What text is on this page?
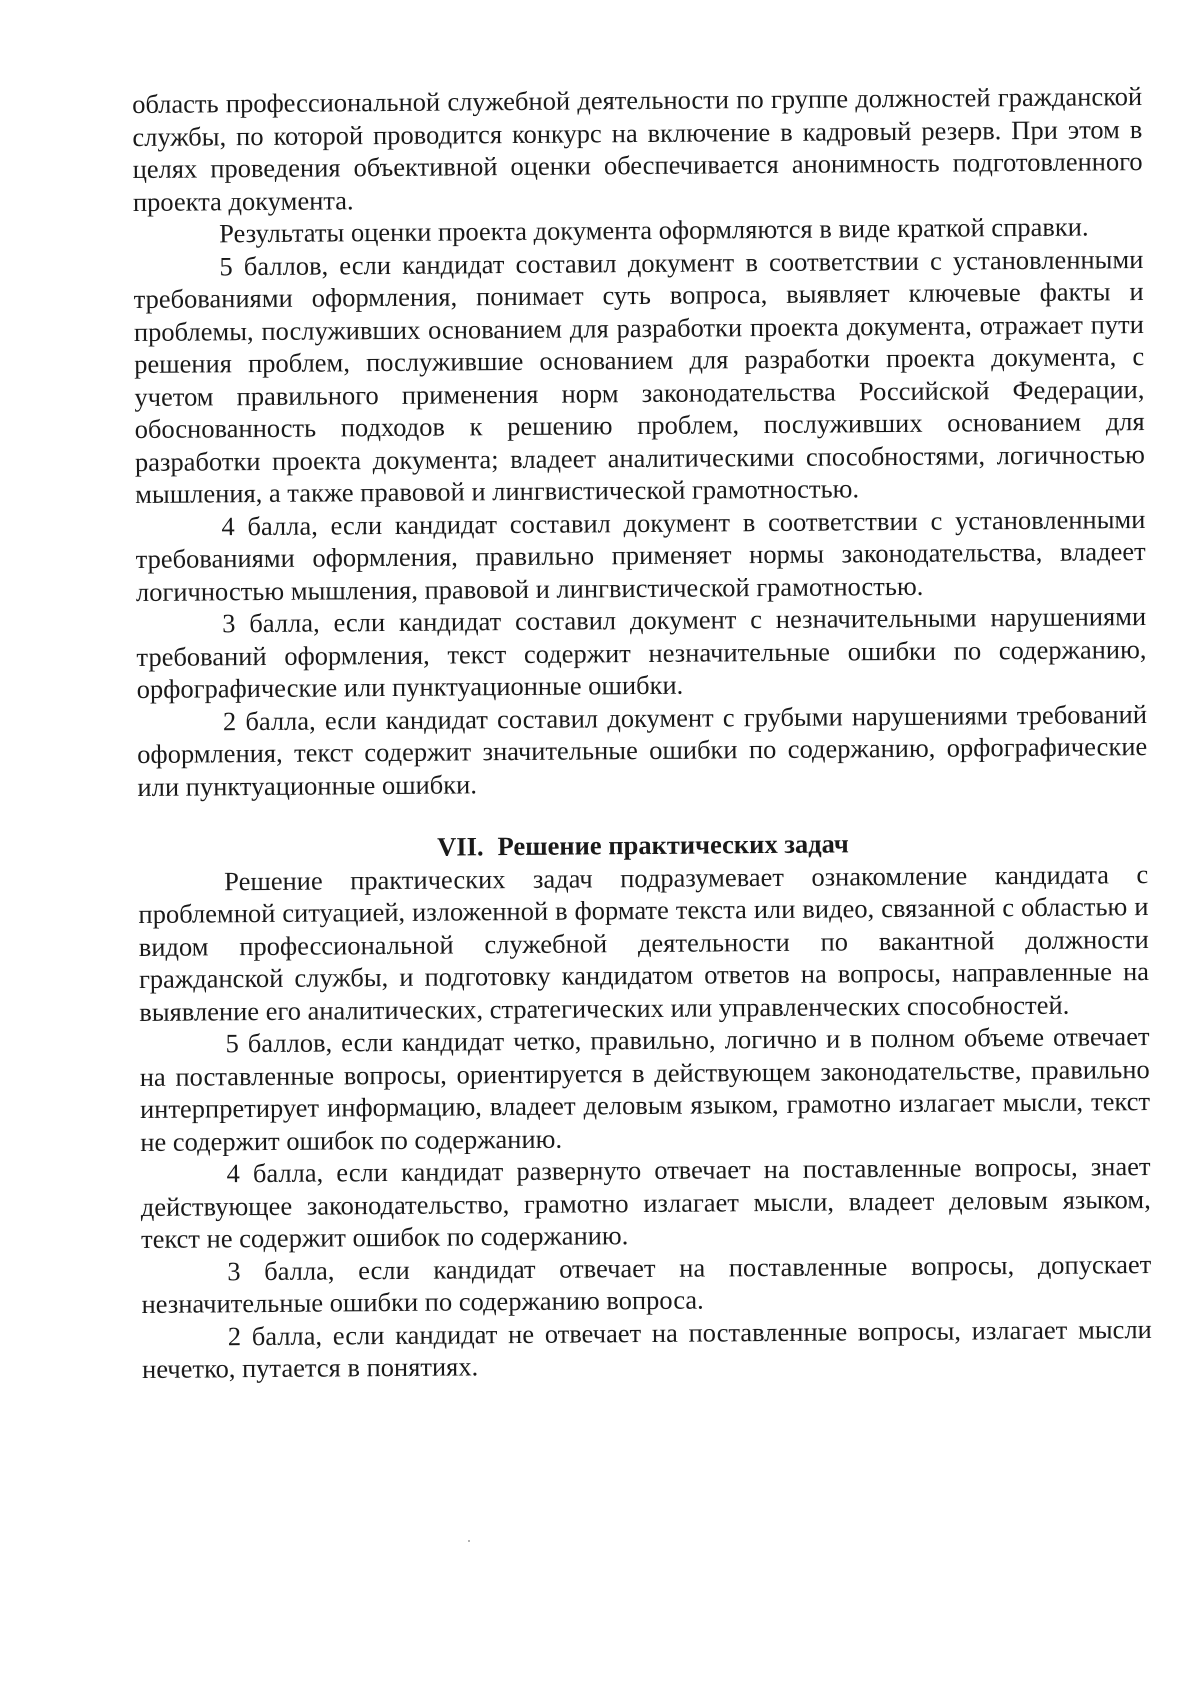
область профессиональной служебной деятельности по группе должностей гражданской службы, по которой проводится конкурс на включение в кадровый резерв. При этом в целях проведения объективной оценки обеспечивается анонимность подготовленного проекта документа.

Результаты оценки проекта документа оформляются в виде краткой справки.

5 баллов, если кандидат составил документ в соответствии с установленными требованиями оформления, понимает суть вопроса, выявляет ключевые факты и проблемы, послуживших основанием для разработки проекта документа, отражает пути решения проблем, послужившие основанием для разработки проекта документа, с учетом правильного применения норм законодательства Российской Федерации, обоснованность подходов к решению проблем, послуживших основанием для разработки проекта документа; владеет аналитическими способностями, логичностью мышления, а также правовой и лингвистической грамотностью.

4 балла, если кандидат составил документ в соответствии с установленными требованиями оформления, правильно применяет нормы законодательства, владеет логичностью мышления, правовой и лингвистической грамотностью.

3 балла, если кандидат составил документ с незначительными нарушениями требований оформления, текст содержит незначительные ошибки по содержанию, орфографические или пунктуационные ошибки.

2 балла, если кандидат составил документ с грубыми нарушениями требований оформления, текст содержит значительные ошибки по содержанию, орфографические или пунктуационные ошибки.

VII. Решение практических задач

Решение практических задач подразумевает ознакомление кандидата с проблемной ситуацией, изложенной в формате текста или видео, связанной с областью и видом профессиональной служебной деятельности по вакантной должности гражданской службы, и подготовку кандидатом ответов на вопросы, направленные на выявление его аналитических, стратегических или управленческих способностей.

5 баллов, если кандидат четко, правильно, логично и в полном объеме отвечает на поставленные вопросы, ориентируется в действующем законодательстве, правильно интерпретирует информацию, владеет деловым языком, грамотно излагает мысли, текст не содержит ошибок по содержанию.

4 балла, если кандидат развернуто отвечает на поставленные вопросы, знает действующее законодательство, грамотно излагает мысли, владеет деловым языком, текст не содержит ошибок по содержанию.

3 балла, если кандидат отвечает на поставленные вопросы, допускает незначительные ошибки по содержанию вопроса.

2 балла, если кандидат не отвечает на поставленные вопросы, излагает мысли нечетко, путается в понятиях.
